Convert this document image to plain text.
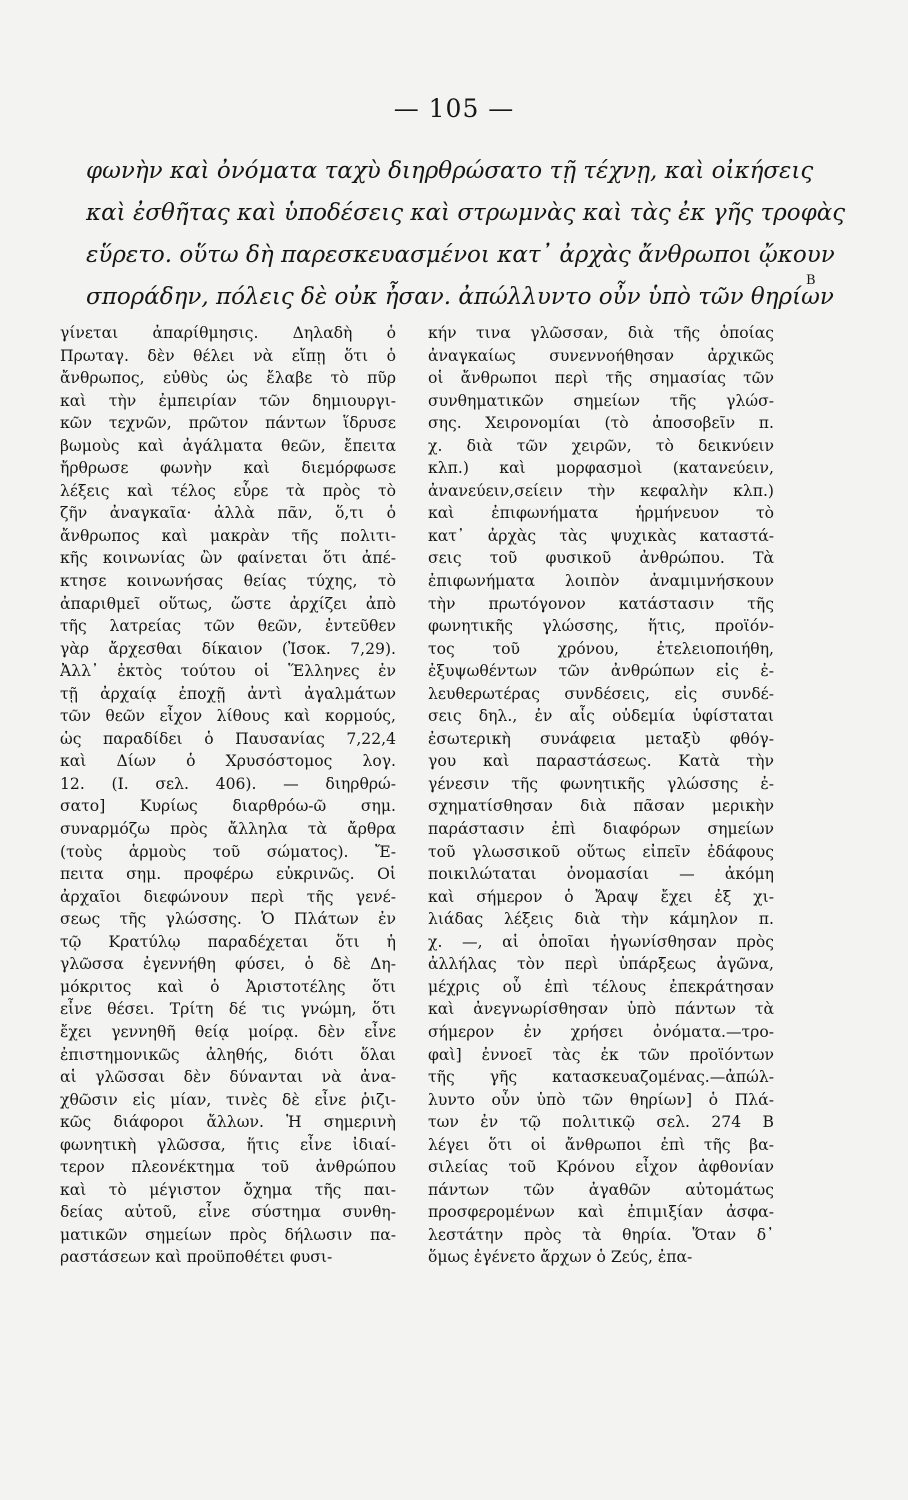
— 105 —
φωνὴν καὶ ὀνόματα ταχὺ διηρθρώσατο τῇ τέχνῃ, καὶ οἰκήσεις
καὶ ἐσθῆτας καὶ ὑποδέσεις καὶ στρωμνὰς καὶ τὰς ἐκ γῆς τροφὰς
εὕρετο. οὕτω δὴ παρεσκευασμένοι κατ᾽ ἀρχὰς ἄνθρωποι ᾤκουν
σποράδην, πόλεις δὲ οὐκ ἦσαν. ἀπώλλυντο οὖν ὑπὸ τῶν θηρίων
B
γίνεται ἀπαρίθμησις. Δηλαδὴ ὁ
Πρωταγ. δὲν θέλει νὰ εἴπῃ ὅτι ὁ
ἄνθρωπος, εὐθὺς ὡς ἔλαβε τὸ πῦρ
καὶ τὴν ἐμπειρίαν τῶν δημιουργι-
κῶν τεχνῶν, πρῶτον πάντων ἵδρυσε
βωμοὺς καὶ ἀγάλματα θεῶν, ἔπειτα
ἤρθρωσε φωνὴν καὶ διεμόρφωσε
λέξεις καὶ τέλος εὗρε τὰ πρὸς τὸ
ζῆν ἀναγκαῖα· ἀλλὰ πᾶν, ὅ,τι ὁ
ἄνθρωπος καὶ μακρὰν τῆς πολιτι-
κῆς κοινωνίας ὢν φαίνεται ὅτι ἀπέ-
κτησε κοινωνήσας θείας τύχης, τὸ
ἀπαριθμεῖ οὕτως, ὥστε ἀρχίζει ἀπὸ
τῆς λατρείας τῶν θεῶν, ἐντεῦθεν
γὰρ ἄρχεσθαι δίκαιον (Ἰσοκ. 7,29).
Ἀλλ᾽ ἐκτὸς τούτου οἱ Ἕλληνες ἐν
τῇ ἀρχαίᾳ ἐποχῇ ἀντὶ ἀγαλμάτων
τῶν θεῶν εἶχον λίθους καὶ κορμούς,
ὡς παραδίδει ὁ Παυσανίας 7,22,4
καὶ Δίων ὁ Χρυσόστομος λογ.
12. (Ι. σελ. 406). — διηρθρώ-
σατο] Κυρίως διαρθρόω-ῶ σημ.
συναρμόζω πρὸς ἄλληλα τὰ ἄρθρα
(τοὺς ἁρμοὺς τοῦ σώματος). Ἔ-
πειτα σημ. προφέρω εὐκρινῶς. Οἱ
ἀρχαῖοι διεφώνουν περὶ τῆς γενέ-
σεως τῆς γλώσσης. Ὁ Πλάτων ἐν
τῷ Κρατύλῳ παραδέχεται ὅτι ἡ
γλῶσσα ἐγεννήθη φύσει, ὁ δὲ Δη-
μόκριτος καὶ ὁ Ἀριστοτέλης ὅτι
εἶνε θέσει. Τρίτη δέ τις γνώμη, ὅτι
ἔχει γεννηθῆ θείᾳ μοίρᾳ. δὲν εἶνε
ἐπιστημονικῶς ἀληθής, διότι ὅλαι
αἱ γλῶσσαι δὲν δύνανται νὰ ἀνα-
χθῶσιν εἰς μίαν, τινὲς δὲ εἶνε ῥιζι-
κῶς διάφοροι ἄλλων. Ἡ σημερινὴ
φωνητικὴ γλῶσσα, ἥτις εἶνε ἰδιαί-
τερον πλεονέκτημα τοῦ ἀνθρώπου
καὶ τὸ μέγιστον ὄχημα τῆς παι-
δείας αὐτοῦ, εἶνε σύστημα συνθη-
ματικῶν σημείων πρὸς δήλωσιν πα-
ραστάσεων καὶ προϋποθέτει φυσι-
κήν τινα γλῶσσαν, διὰ τῆς ὁποίας
ἀναγκαίως συνεννοήθησαν ἀρχικῶς
οἱ ἄνθρωποι περὶ τῆς σημασίας τῶν
συνθηματικῶν σημείων τῆς γλώσ-
σης. Χειρονομίαι (τὸ ἀποσοβεῖν π.
χ. διὰ τῶν χειρῶν, τὸ δεικνύειν
κλπ.) καὶ μορφασμοὶ (κατανεύειν,
ἀνανεύειν,σείειν τὴν κεφαλὴν κλπ.)
καὶ ἐπιφωνήματα ἡρμήνευον τὸ
κατ᾽ ἀρχὰς τὰς ψυχικὰς καταστά-
σεις τοῦ φυσικοῦ ἀνθρώπου. Τὰ
ἐπιφωνήματα λοιπὸν ἀναμιμνήσκουν
τὴν πρωτόγονον κατάστασιν τῆς
φωνητικῆς γλώσσης, ἥτις, προϊόν-
τος τοῦ χρόνου, ἐτελειοποιήθη,
ἐξυψωθέντων τῶν ἀνθρώπων εἰς ἐ-
λευθερωτέρας συνδέσεις, εἰς συνδέ-
σεις δηλ., ἐν αἷς οὐδεμία ὑφίσταται
ἐσωτερικὴ συνάφεια μεταξὺ φθόγ-
γου καὶ παραστάσεως. Κατὰ τὴν
γένεσιν τῆς φωνητικῆς γλώσσης ἐ-
σχηματίσθησαν διὰ πᾶσαν μερικὴν
παράστασιν ἐπὶ διαφόρων σημείων
τοῦ γλωσσικοῦ οὕτως εἰπεῖν ἐδάφους
ποικιλώταται ὀνομασίαι — ἀκόμη
καὶ σήμερον ὁ Ἄραψ ἔχει ἐξ χι-
λιάδας λέξεις διὰ τὴν κάμηλον π.
χ. —, αἱ ὁποῖαι ἠγωνίσθησαν πρὸς
ἀλλήλας τὸν περὶ ὑπάρξεως ἀγῶνα,
μέχρις οὗ ἐπὶ τέλους ἐπεκράτησαν
καὶ ἀνεγνωρίσθησαν ὑπὸ πάντων τὰ
σήμερον ἐν χρήσει ὀνόματα.—τρο-
φαὶ] ἐννοεῖ τὰς ἐκ τῶν προϊόντων
τῆς γῆς κατασκευαζομένας.—ἀπώλ-
λυντο οὖν ὑπὸ τῶν θηρίων] ὁ Πλά-
των ἐν τῷ πολιτικῷ σελ. 274 Β
λέγει ὅτι οἱ ἄνθρωποι ἐπὶ τῆς βα-
σιλείας τοῦ Κρόνου εἶχον ἀφθονίαν
πάντων τῶν ἀγαθῶν αὐτομάτως
προσφερομένων καὶ ἐπιμιξίαν ἀσφα-
λεστάτην πρὸς τὰ θηρία. Ὅταν δ᾽
ὅμως ἐγένετο ἄρχων ὁ Ζεύς, ἐπα-
